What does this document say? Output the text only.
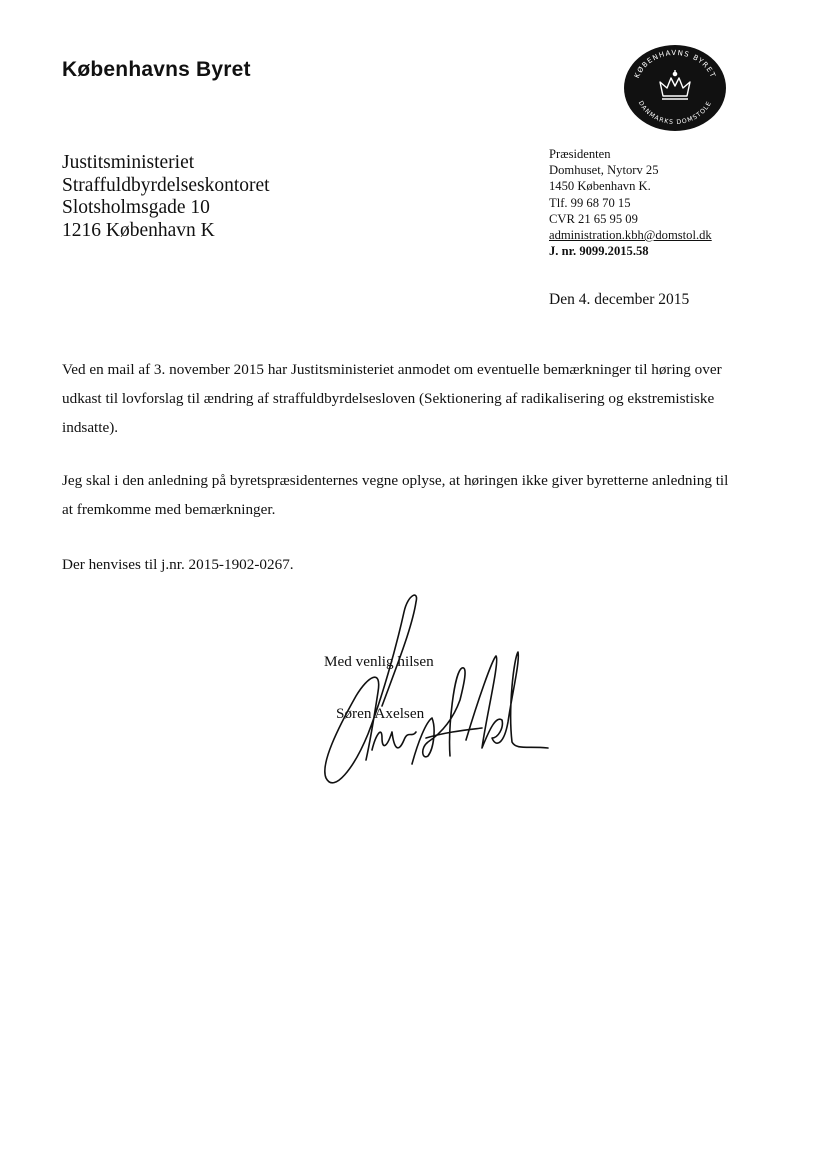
Københavns Byret	KØBENHAVNS BYRET
DANMARKS DOMSTOLE
Justitsministeriet
Straffuldbyrdelseskontoret
Slotsholmsgade 10
1216 København K
Præsidenten
Domhuset, Nytorv 25
1450 København K.
Tlf. 99 68 70 15
CVR 21 65 95 09
administration.kbh@domstol.dk
J. nr. 9099.2015.58
Den 4. december 2015
Ved en mail af 3. november 2015 har Justitsministeriet anmodet om eventuelle bemærkninger til høring over udkast til lovforslag til ændring af straffuldbyrdelsesloven (Sektionering af radikalisering og ekstremistiske indsatte).
Jeg skal i den anledning på byretspræsidenternes vegne oplyse, at høringen ikke giver byretterne anledning til at fremkomme med bemærkninger.
Der henvises til j.nr. 2015-1902-0267.
Med venlig hilsen
Søren Axelsen
